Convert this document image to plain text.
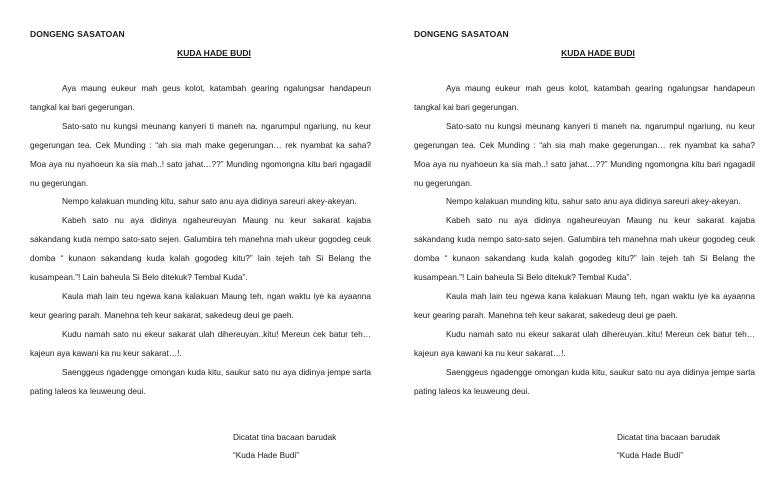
DONGENG SASATOAN
KUDA HADE BUDI

Aya maung eukeur mah geus kolot, katambah gearing ngalungsar handapeun tangkal kai bari gegerungan.

Sato-sato nu kungsi meunang kanyeri ti maneh na. ngarumpul ngariung, nu keur gegerungan tea. Cek Munding : “ah sia mah make gegerungan… rek nyambat ka saha? Moa aya nu nyahoeun ka sia mah..! sato jahat…??” Munding ngomongna kitu bari ngagadil nu gegerungan.

Nempo kalakuan munding kitu, sahur sato anu aya didinya sareuri akey-akeyan.

Kabeh sato nu aya didinya ngaheureuyan Maung nu keur sakarat kajaba sakandang kuda nempo sato-sato sejen. Galumbira teh manehna mah ukeur gogodeg ceuk domba “ kunaon sakandang kuda kalah gogodeg kitu?” lain tejeh tah Si Belang the kusampean.”! Lain baheula Si Belo ditekuk? Tembal Kuda”.

Kaula mah lain teu ngewa kana kalakuan Maung teh, ngan waktu iye ka ayaanna keur gearing parah. Manehna teh keur sakarat, sakedeug deui ge paeh.

Kudu namah sato nu ekeur sakarat ulah dihereuyan.,kitu! Mereun cek batur teh… kajeun aya kawani ka nu keur sakarat…!.

Saenggeus ngadengge omongan kuda kitu, saukur sato nu aya didinya jempe sarta pating laleos ka leuweung deui.

Dicatat tina bacaan barudak
“Kuda Hade Budi”
DONGENG SASATOAN
KUDA HADE BUDI

Aya maung eukeur mah geus kolot, katambah gearing ngalungsar handapeun tangkal kai bari gegerungan.

Sato-sato nu kungsi meunang kanyeri ti maneh na. ngarumpul ngariung, nu keur gegerungan tea. Cek Munding : “ah sia mah make gegerungan… rek nyambat ka saha? Moa aya nu nyahoeun ka sia mah..! sato jahat…??” Munding ngomongna kitu bari ngagadil nu gegerungan.

Nempo kalakuan munding kitu, sahur sato anu aya didinya sareuri akey-akeyan.

Kabeh sato nu aya didinya ngaheureuyan Maung nu keur sakarat kajaba sakandang kuda nempo sato-sato sejen. Galumbira teh manehna mah ukeur gogodeg ceuk domba “ kunaon sakandang kuda kalah gogodeg kitu?” lain tejeh tah Si Belang the kusampean.”! Lain baheula Si Belo ditekuk? Tembal Kuda”.

Kaula mah lain teu ngewa kana kalakuan Maung teh, ngan waktu iye ka ayaanna keur gearing parah. Manehna teh keur sakarat, sakedeug deui ge paeh.

Kudu namah sato nu ekeur sakarat ulah dihereuyan.,kitu! Mereun cek batur teh… kajeun aya kawani ka nu keur sakarat…!.

Saenggeus ngadengge omongan kuda kitu, saukur sato nu aya didinya jempe sarta pating laleos ka leuweung deui.

Dicatat tina bacaan barudak
“Kuda Hade Budi”
